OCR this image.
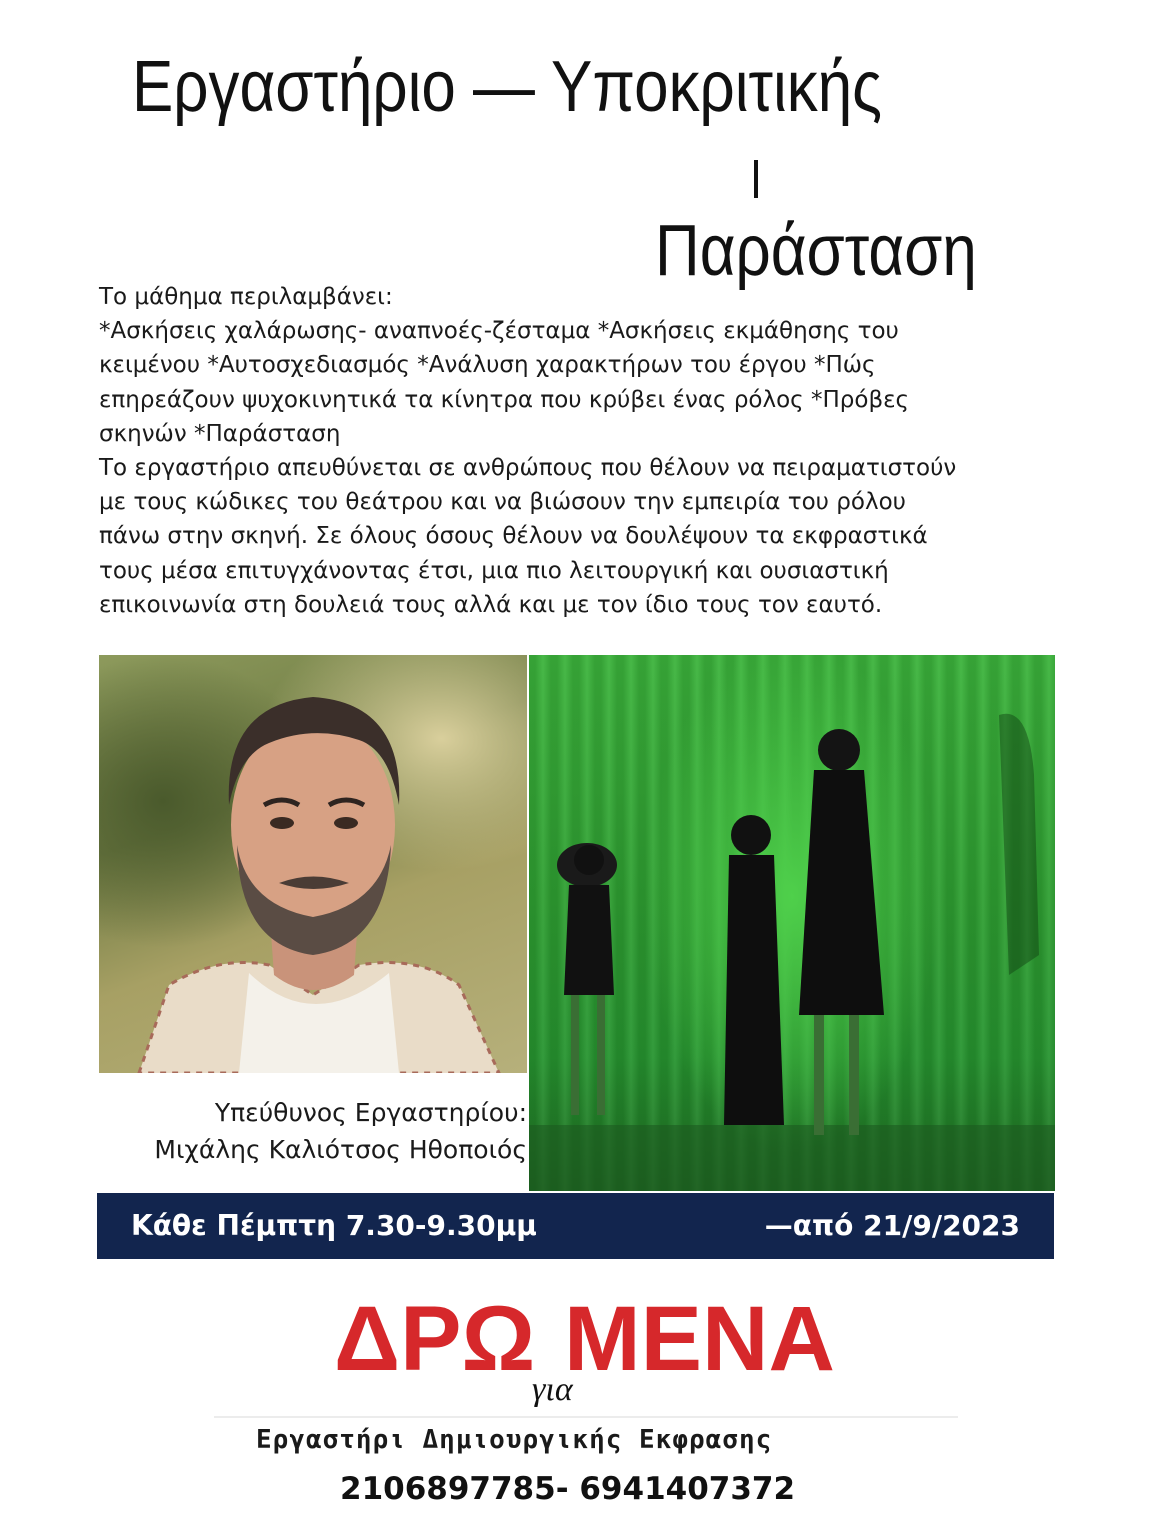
Εργαστήριο — Υποκριτικής
Παράσταση
Το μάθημα περιλαμβάνει:
*Ασκήσεις χαλάρωσης- αναπνοές-ζέσταμα *Ασκήσεις εκμάθησης του
κειμένου *Αυτοσχεδιασμός *Ανάλυση χαρακτήρων του έργου *Πώς
επηρεάζουν ψυχοκινητικά τα κίνητρα που κρύβει ένας ρόλος *Πρόβες
σκηνών *Παράσταση
Το εργαστήριο απευθύνεται σε ανθρώπους που θέλουν να πειραματιστούν
με τους κώδικες του θεάτρου και να βιώσουν την εμπειρία του ρόλου
πάνω στην σκηνή. Σε όλους όσους θέλουν να δουλέψουν τα εκφραστικά
τους μέσα επιτυγχάνοντας έτσι, μια πιο λειτουργική και ουσιαστική
επικοινωνία στη δουλειά τους αλλά και με τον ίδιο τους τον εαυτό.
Υπεύθυνος Εργαστηρίου:
Μιχάλης Καλιότσος Ηθοποιός
Κάθε Πέμπτη 7.30-9.30μμ	—από 21/9/2023
ΔΡΩ ΜΕΝΑ
για
Εργαστήρι Δημιουργικής Εκφρασης
2106897785- 6941407372
